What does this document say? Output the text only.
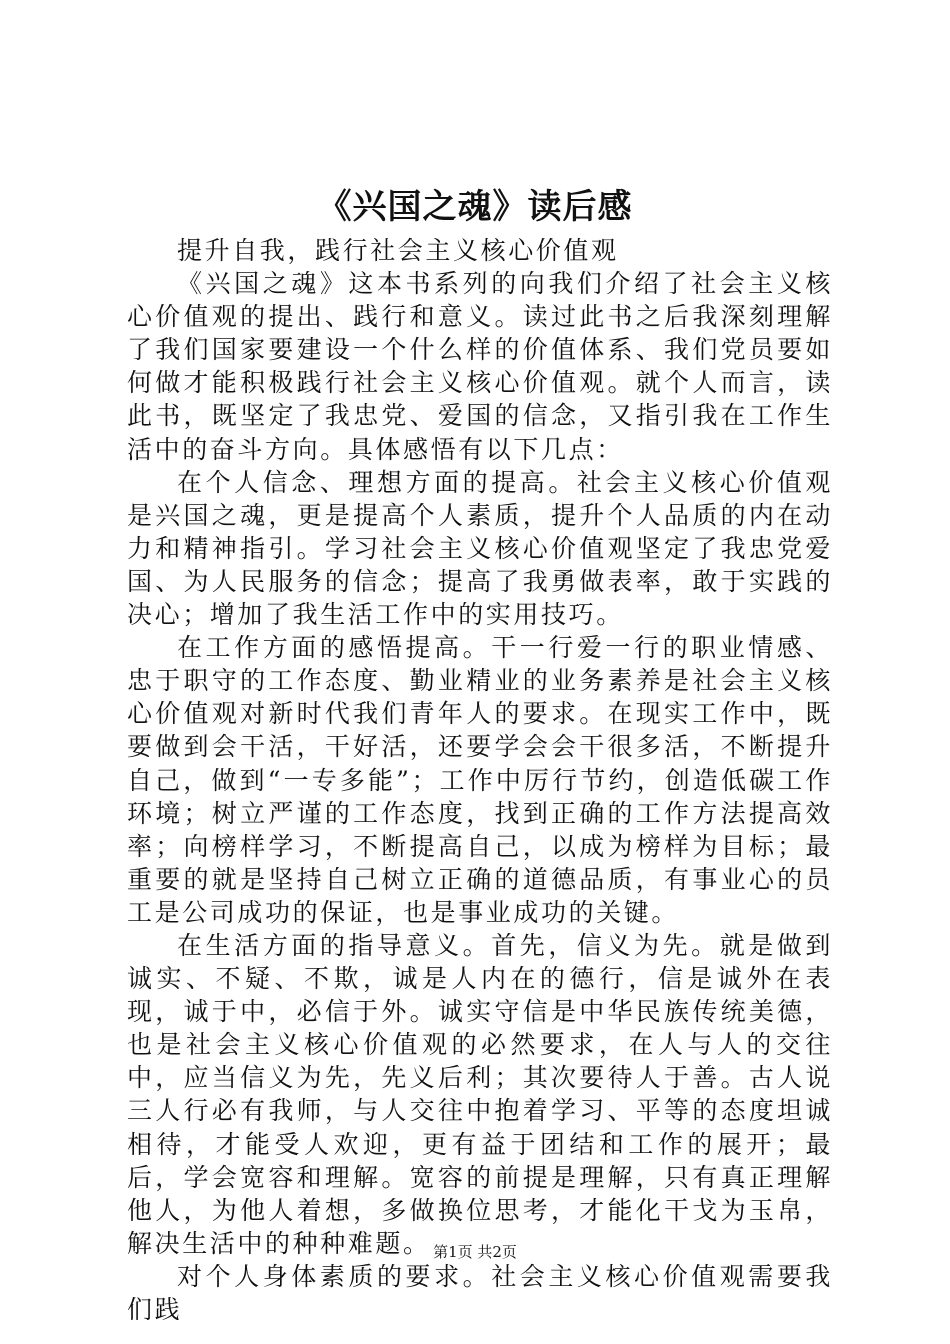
《兴国之魂》读后感

提升自我，践行社会主义核心价值观

《兴国之魂》这本书系列的向我们介绍了社会主义核心价值观的提出、践行和意义。读过此书之后我深刻理解了我们国家要建设一个什么样的价值体系、我们党员要如何做才能积极践行社会主义核心价值观。就个人而言，读此书，既坚定了我忠党、爱国的信念，又指引我在工作生活中的奋斗方向。具体感悟有以下几点：

在个人信念、理想方面的提高。社会主义核心价值观是兴国之魂，更是提高个人素质，提升个人品质的内在动力和精神指引。学习社会主义核心价值观坚定了我忠党爱国、为人民服务的信念；提高了我勇做表率，敢于实践的决心；增加了我生活工作中的实用技巧。

在工作方面的感悟提高。干一行爱一行的职业情感、忠于职守的工作态度、勤业精业的业务素养是社会主义核心价值观对新时代我们青年人的要求。在现实工作中，既要做到会干活，干好活，还要学会会干很多活，不断提升自己，做到“一专多能”；工作中厉行节约，创造低碳工作环境；树立严谨的工作态度，找到正确的工作方法提高效率；向榜样学习，不断提高自己，以成为榜样为目标；最重要的就是坚持自己树立正确的道德品质，有事业心的员工是公司成功的保证，也是事业成功的关键。

在生活方面的指导意义。首先，信义为先。就是做到诚实、不疑、不欺，诚是人内在的德行，信是诚外在表现，诚于中，必信于外。诚实守信是中华民族传统美德，也是社会主义核心价值观的必然要求，在人与人的交往中，应当信义为先，先义后利；其次要待人于善。古人说三人行必有我师，与人交往中抱着学习、平等的态度坦诚相待，才能受人欢迎，更有益于团结和工作的展开；最后，学会宽容和理解。宽容的前提是理解，只有真正理解他人，为他人着想，多做换位思考，才能化干戈为玉帛，解决生活中的种种难题。

对个人身体素质的要求。社会主义核心价值观需要我们践

第1页 共2页
